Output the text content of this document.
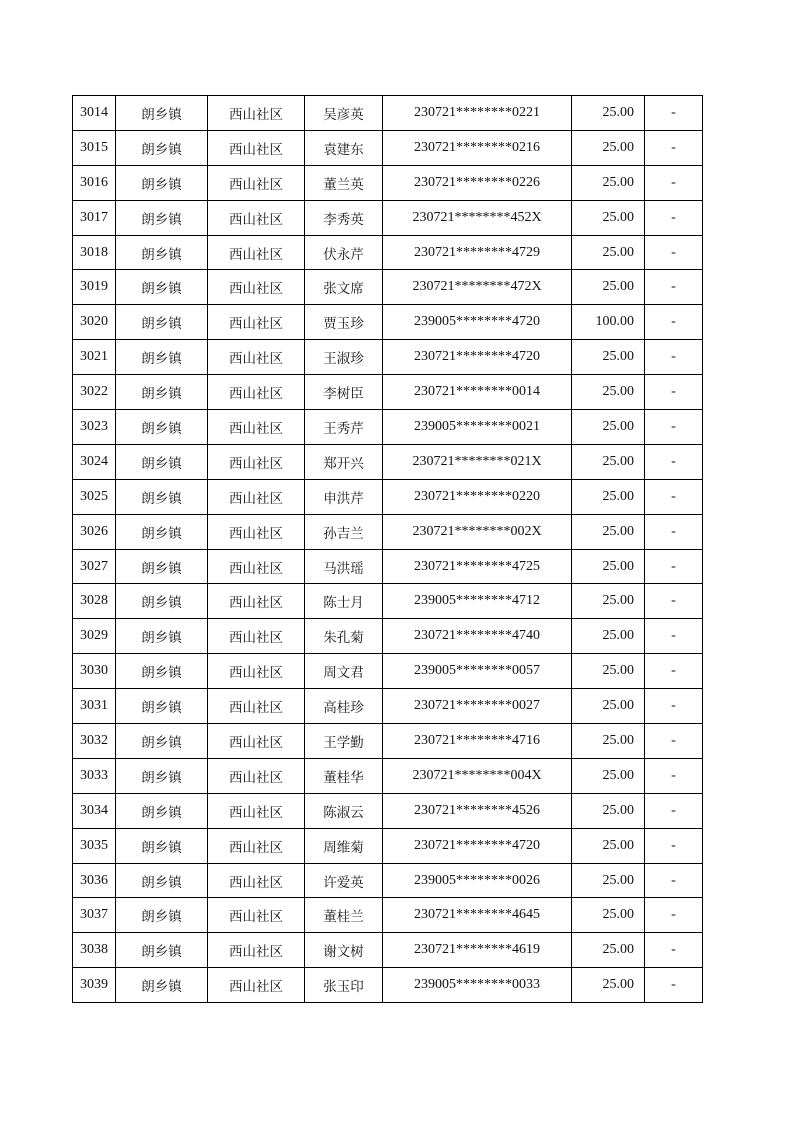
3014	朗乡镇	西山社区	吴彦英	230721********0221	25.00	-
3015	朗乡镇	西山社区	袁建东	230721********0216	25.00	-
3016	朗乡镇	西山社区	董兰英	230721********0226	25.00	-
3017	朗乡镇	西山社区	李秀英	230721********452X	25.00	-
3018	朗乡镇	西山社区	伏永芹	230721********4729	25.00	-
3019	朗乡镇	西山社区	张文席	230721********472X	25.00	-
3020	朗乡镇	西山社区	贾玉珍	239005********4720	100.00	-
3021	朗乡镇	西山社区	王淑珍	230721********4720	25.00	-
3022	朗乡镇	西山社区	李树臣	230721********0014	25.00	-
3023	朗乡镇	西山社区	王秀芹	239005********0021	25.00	-
3024	朗乡镇	西山社区	郑开兴	230721********021X	25.00	-
3025	朗乡镇	西山社区	申洪芹	230721********0220	25.00	-
3026	朗乡镇	西山社区	孙吉兰	230721********002X	25.00	-
3027	朗乡镇	西山社区	马洪瑶	230721********4725	25.00	-
3028	朗乡镇	西山社区	陈士月	239005********4712	25.00	-
3029	朗乡镇	西山社区	朱孔菊	230721********4740	25.00	-
3030	朗乡镇	西山社区	周文君	239005********0057	25.00	-
3031	朗乡镇	西山社区	高桂珍	230721********0027	25.00	-
3032	朗乡镇	西山社区	王学勤	230721********4716	25.00	-
3033	朗乡镇	西山社区	董桂华	230721********004X	25.00	-
3034	朗乡镇	西山社区	陈淑云	230721********4526	25.00	-
3035	朗乡镇	西山社区	周维菊	230721********4720	25.00	-
3036	朗乡镇	西山社区	许爱英	239005********0026	25.00	-
3037	朗乡镇	西山社区	董桂兰	230721********4645	25.00	-
3038	朗乡镇	西山社区	谢文树	230721********4619	25.00	-
3039	朗乡镇	西山社区	张玉印	239005********0033	25.00	-
